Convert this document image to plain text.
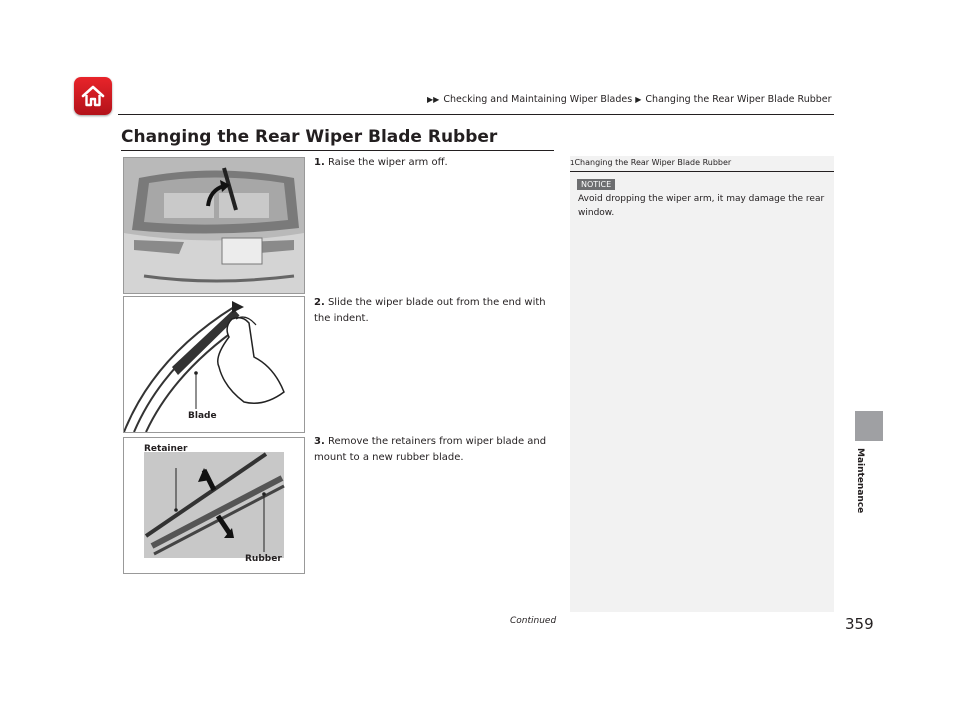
▶▶ Checking and Maintaining Wiper Blades ▶ Changing the Rear Wiper Blade Rubber
Changing the Rear Wiper Blade Rubber
Blade
Retainer
Rubber
1. Raise the wiper arm off.
2. Slide the wiper blade out from the end with the indent.
3. Remove the retainers from wiper blade and mount to a new rubber blade.
1Changing the Rear Wiper Blade Rubber
NOTICE
Avoid dropping the wiper arm, it may damage the rear window.
Maintenance
Continued	359
